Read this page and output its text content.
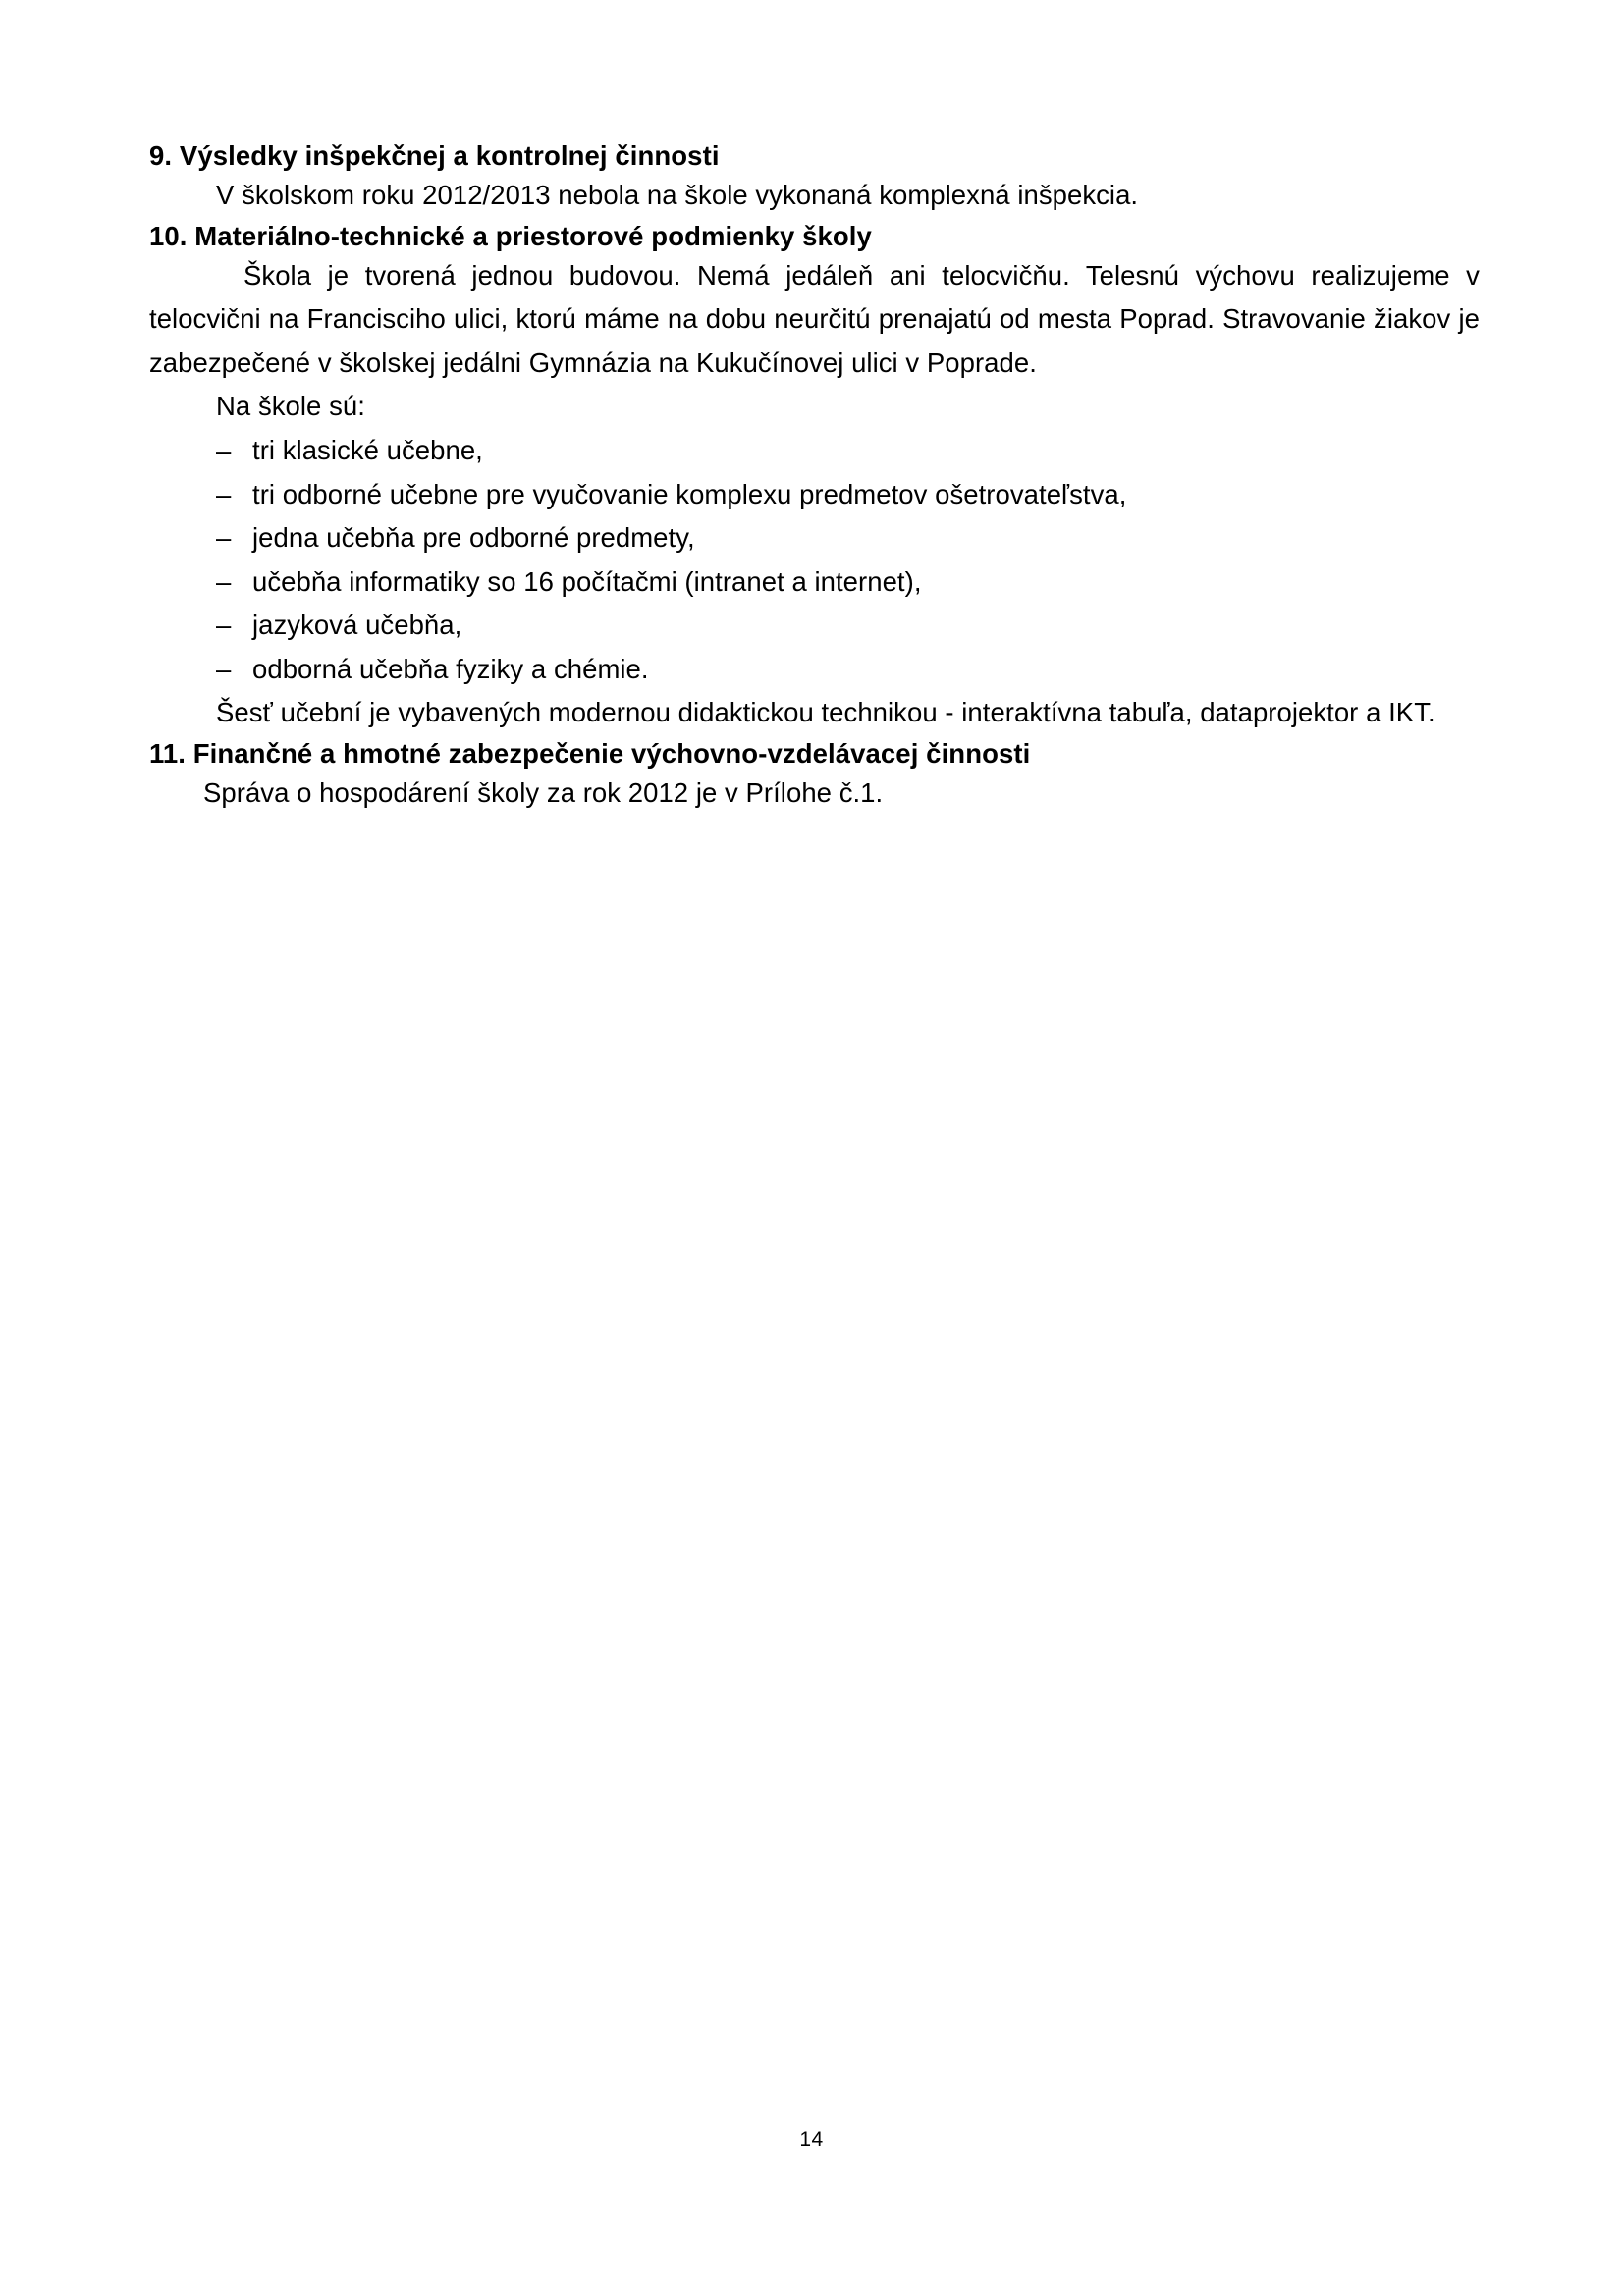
9. Výsledky inšpekčnej a kontrolnej činnosti

V školskom roku 2012/2013 nebola na škole vykonaná komplexná inšpekcia.

10. Materiálno-technické a priestorové podmienky školy

Škola je tvorená jednou budovou. Nemá jedáleň ani telocvičňu. Telesnú výchovu realizujeme v telocvični na Francisciho ulici, ktorú máme na dobu neurčitú prenajatú od mesta Poprad. Stravovanie žiakov je zabezpečené v školskej jedálni Gymnázia na Kukučínovej ulici v Poprade.

Na škole sú:

– tri klasické učebne,
– tri odborné učebne pre vyučovanie komplexu predmetov ošetrovateľstva,
– jedna učebňa pre odborné predmety,
– učebňa informatiky so 16 počítačmi (intranet a internet),
– jazyková učebňa,
– odborná učebňa fyziky a chémie.

Šesť učební je vybavených modernou didaktickou technikou - interaktívna tabuľa, dataprojektor a IKT.

11. Finančné a hmotné zabezpečenie výchovno-vzdelávacej činnosti

Správa o hospodárení školy za rok 2012 je v Prílohe č.1.

14
